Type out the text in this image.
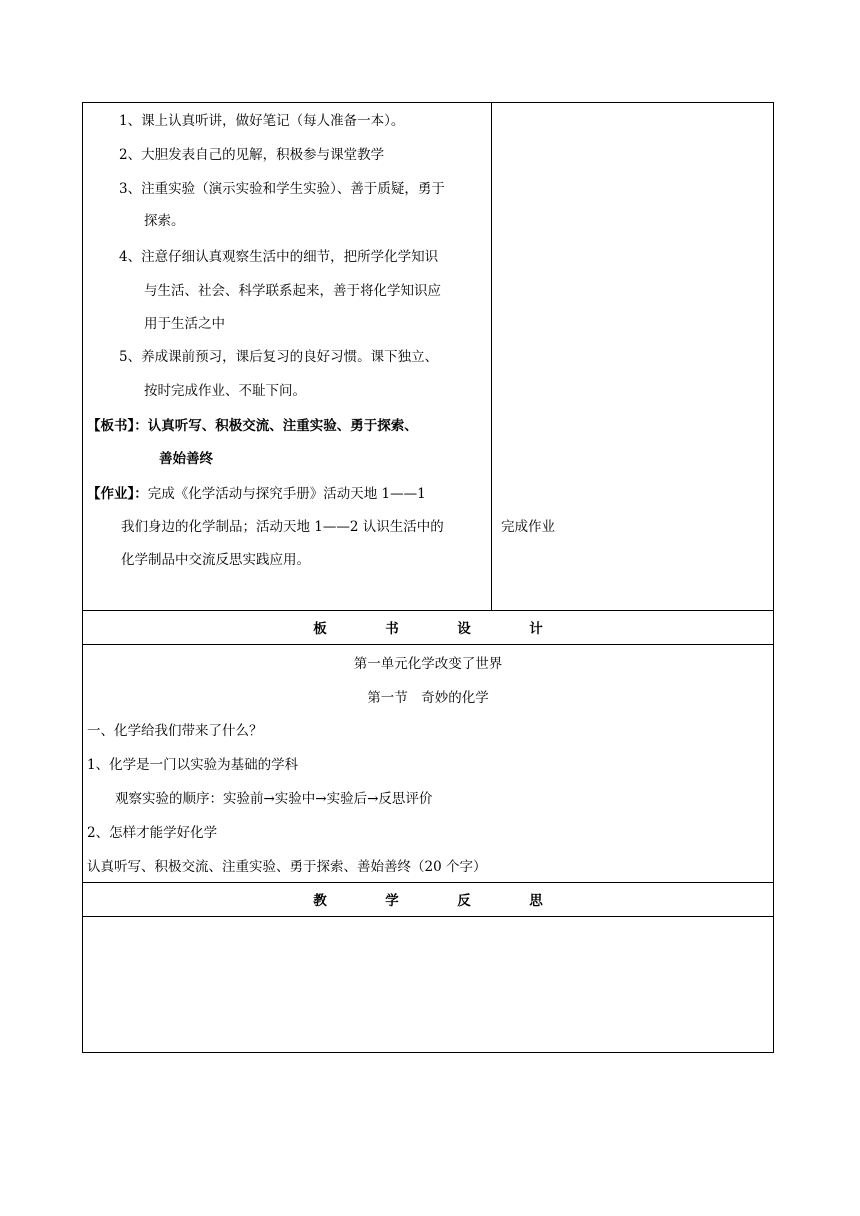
1、课上认真听讲，做好笔记（每人准备一本）。
2、大胆发表自己的见解，积极参与课堂教学
3、注重实验（演示实验和学生实验）、善于质疑，勇于
探索。
4、注意仔细认真观察生活中的细节，把所学化学知识
与生活、社会、科学联系起来，善于将化学知识应
用于生活之中
5、养成课前预习，课后复习的良好习惯。课下独立、
按时完成作业、不耻下问。
【板书】：认真听写、积极交流、注重实验、勇于探索、
善始善终
【作业】：完成《化学活动与探究手册》活动天地 1——1
我们身边的化学制品；活动天地 1——2 认识生活中的
化学制品中交流反思实践应用。
完成作业
板	书	设	计
第一单元化学改变了世界
第一节　奇妙的化学
一、化学给我们带来了什么？
1、化学是一门以实验为基础的学科
观察实验的顺序：实验前→实验中→实验后→反思评价
2、怎样才能学好化学
认真听写、积极交流、注重实验、勇于探索、善始善终（20 个字）
教	学	反	思
